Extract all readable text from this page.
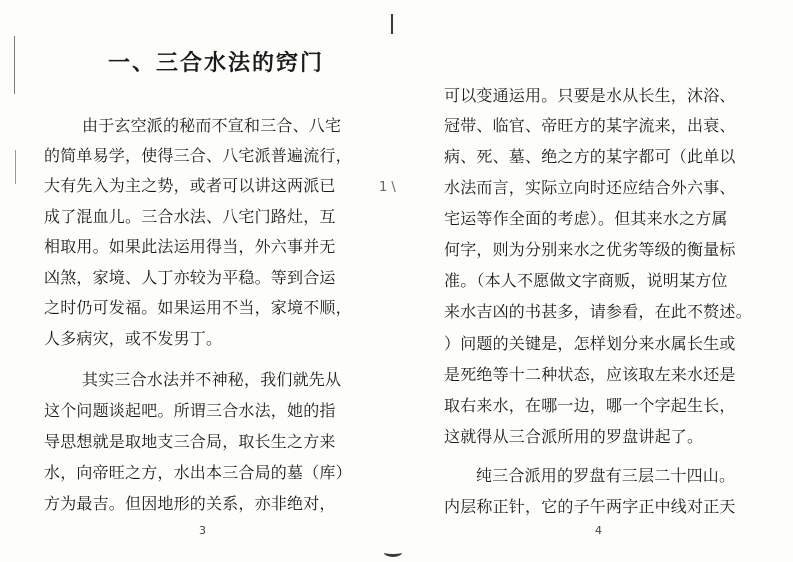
1 \
一、三合水法的窍门
由于玄空派的秘而不宣和三合、八宅
的简单易学，使得三合、八宅派普遍流行，
大有先入为主之势，或者可以讲这两派已
成了混血儿。三合水法、八宅门路灶，互
相取用。如果此法运用得当，外六事并无
凶煞，家境、人丁亦较为平稳。等到合运
之时仍可发福。如果运用不当，家境不顺，
人多病灾，或不发男丁。
其实三合水法并不神秘，我们就先从
这个问题谈起吧。所谓三合水法，她的指
导思想就是取地支三合局，取长生之方来
水，向帝旺之方，水出本三合局的墓（库）
方为最吉。但因地形的关系，亦非绝对，
3
可以变通运用。只要是水从长生，沐浴、
冠带、临官、帝旺方的某字流来，出衰、
病、死、墓、绝之方的某字都可（此单以
水法而言，实际立向时还应结合外六事、
宅运等作全面的考虑）。但其来水之方属
何字，则为分别来水之优劣等级的衡量标
准。（本人不愿做文字商贩，说明某方位
来水吉凶的书甚多，请参看，在此不赘述。
）问题的关键是，怎样划分来水属长生或
是死绝等十二种状态，应该取左来水还是
取右来水，在哪一边，哪一个字起生长，
这就得从三合派所用的罗盘讲起了。
纯三合派用的罗盘有三层二十四山。
内层称正针，它的子午两字正中线对正天
4
